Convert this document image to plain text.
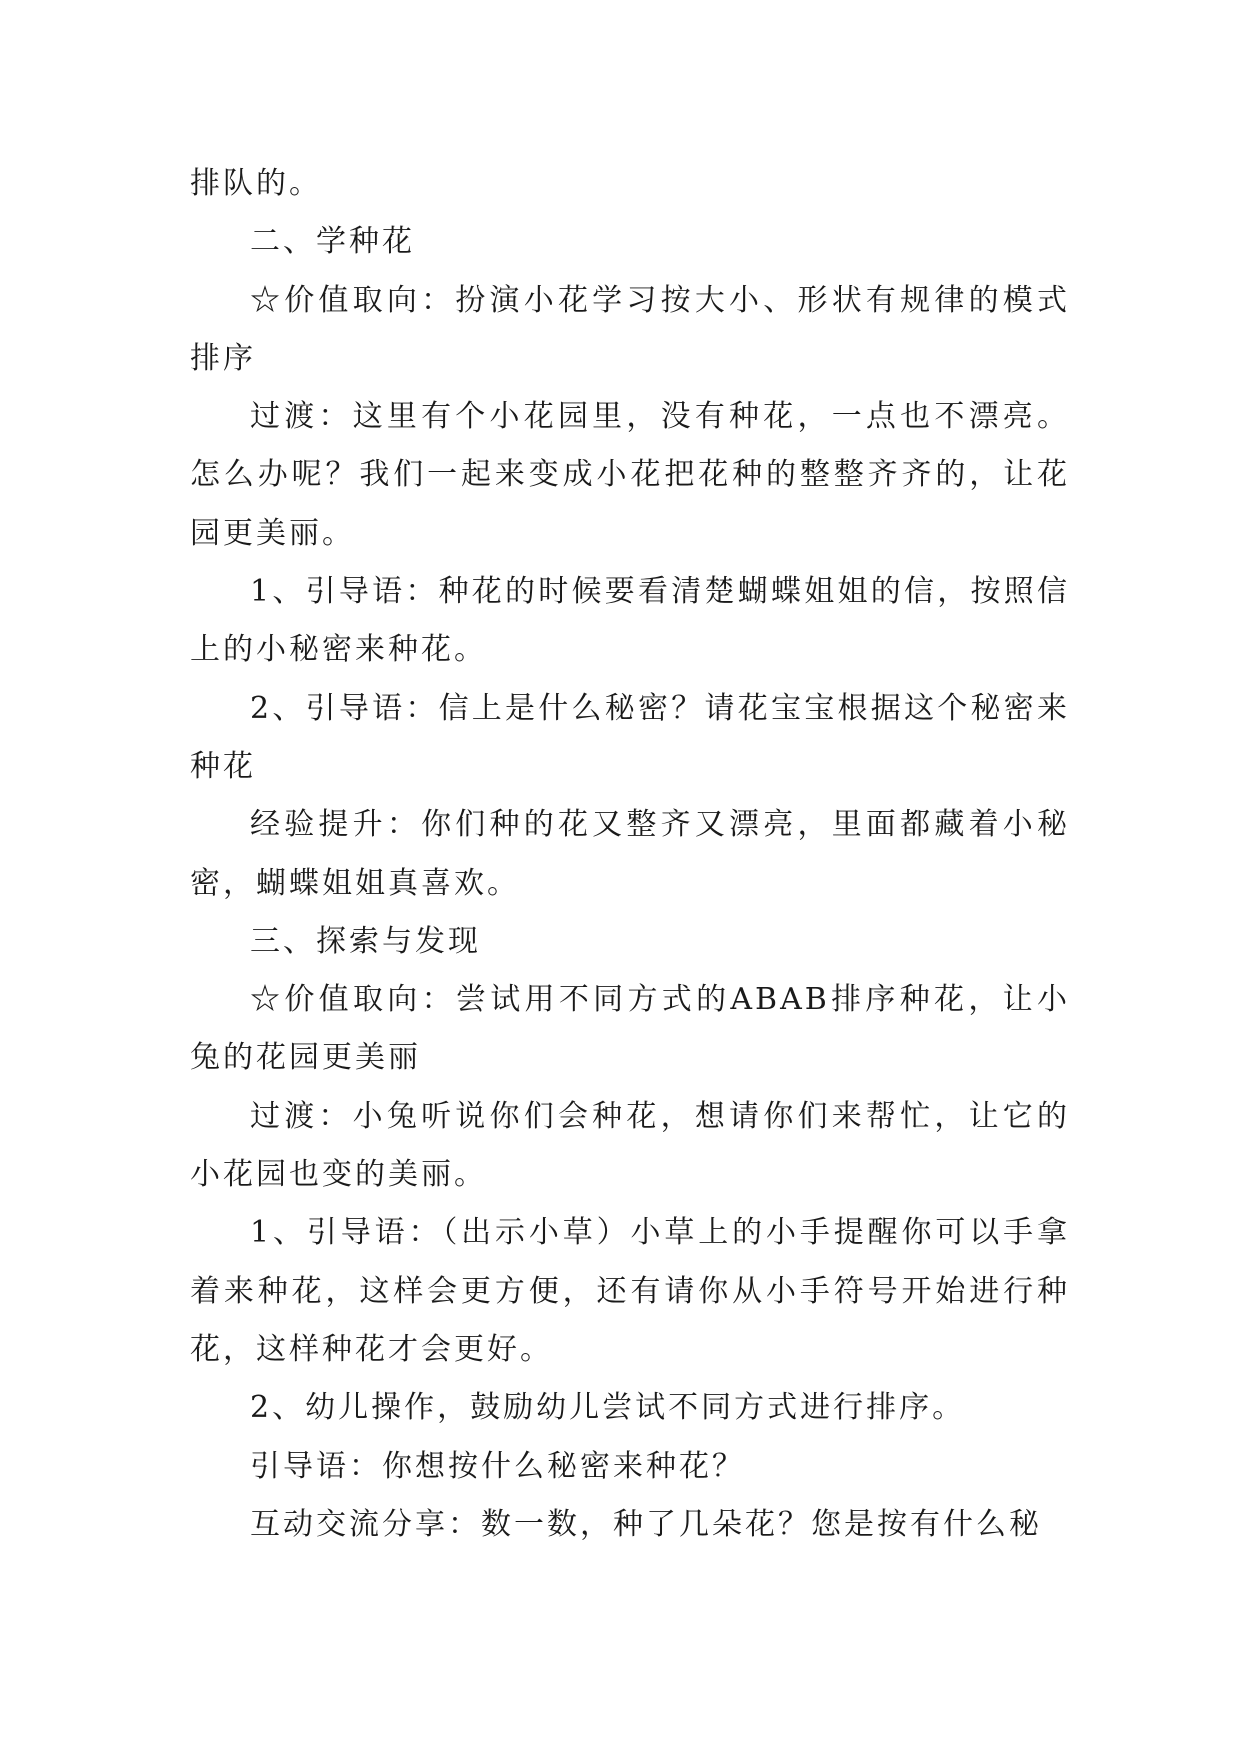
排队的。

二、学种花

☆价值取向：扮演小花学习按大小、形状有规律的模式排序

过渡：这里有个小花园里，没有种花，一点也不漂亮。怎么办呢？我们一起来变成小花把花种的整整齐齐的，让花园更美丽。

1、引导语：种花的时候要看清楚蝴蝶姐姐的信，按照信上的小秘密来种花。

2、引导语：信上是什么秘密？请花宝宝根据这个秘密来种花

经验提升：你们种的花又整齐又漂亮，里面都藏着小秘密，蝴蝶姐姐真喜欢。

三、探索与发现

☆价值取向：尝试用不同方式的ABAB排序种花，让小兔的花园更美丽

过渡：小兔听说你们会种花，想请你们来帮忙，让它的小花园也变的美丽。

1、引导语：（出示小草）小草上的小手提醒你可以手拿着来种花，这样会更方便，还有请你从小手符号开始进行种花，这样种花才会更好。

2、幼儿操作，鼓励幼儿尝试不同方式进行排序。

引导语：你想按什么秘密来种花？

互动交流分享：数一数，种了几朵花？您是按有什么秘
